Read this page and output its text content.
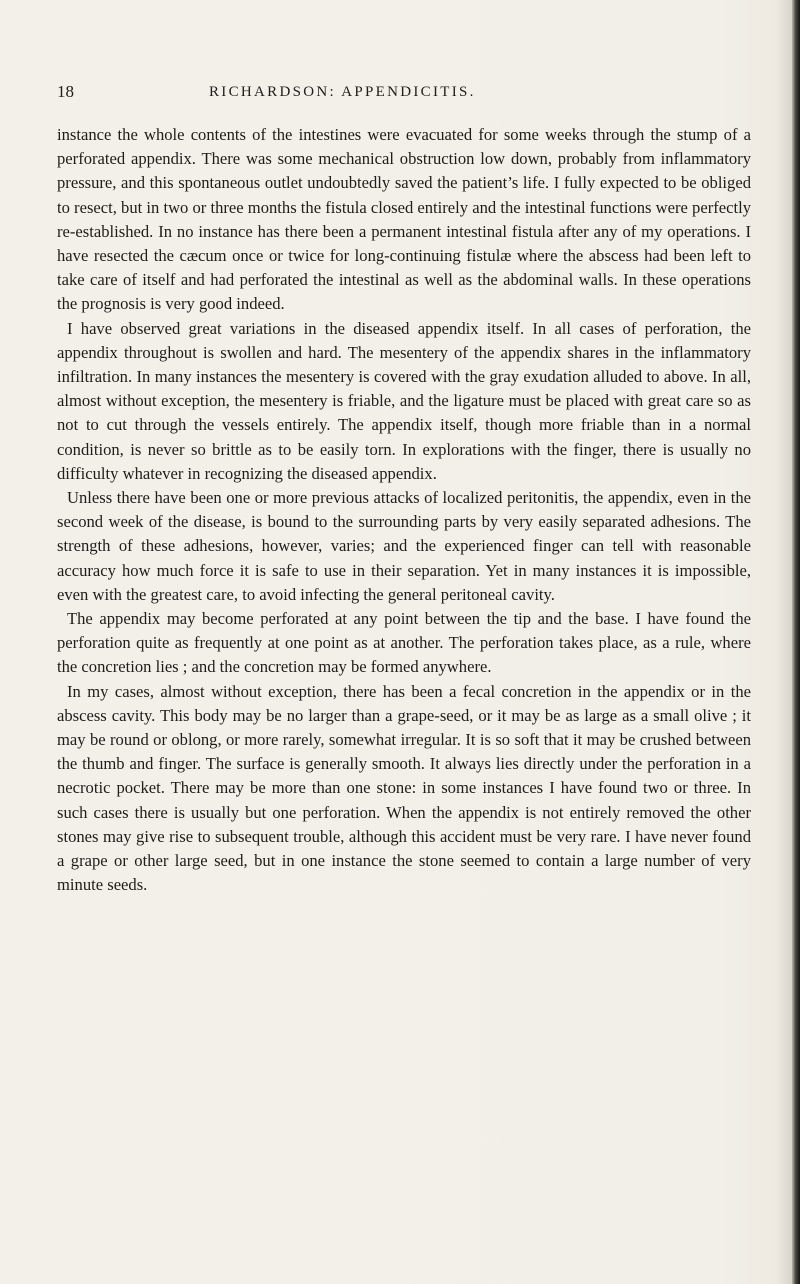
18	RICHARDSON: APPENDICITIS.

instance the whole contents of the intestines were evacuated for some weeks through the stump of a perforated appendix. There was some mechanical obstruction low down, probably from inflammatory pressure, and this spontaneous outlet undoubtedly saved the patient’s life. I fully expected to be obliged to resect, but in two or three months the fistula closed entirely and the intestinal functions were perfectly re-established. In no instance has there been a permanent intestinal fistula after any of my operations. I have resected the cæcum once or twice for long-continuing fistulæ where the abscess had been left to take care of itself and had perforated the intestinal as well as the abdominal walls. In these operations the prognosis is very good indeed.

I have observed great variations in the diseased appendix itself. In all cases of perforation, the appendix throughout is swollen and hard. The mesentery of the appendix shares in the inflammatory infiltration. In many instances the mesentery is covered with the gray exudation alluded to above. In all, almost without exception, the mesentery is friable, and the ligature must be placed with great care so as not to cut through the vessels entirely. The appendix itself, though more friable than in a normal condition, is never so brittle as to be easily torn. In explorations with the finger, there is usually no difficulty whatever in recognizing the diseased appendix.

Unless there have been one or more previous attacks of localized peritonitis, the appendix, even in the second week of the disease, is bound to the surrounding parts by very easily separated adhesions. The strength of these adhesions, however, varies; and the experienced finger can tell with reasonable accuracy how much force it is safe to use in their separation. Yet in many instances it is impossible, even with the greatest care, to avoid infecting the general peritoneal cavity.

The appendix may become perforated at any point between the tip and the base. I have found the perforation quite as frequently at one point as at another. The perforation takes place, as a rule, where the concretion lies ; and the concretion may be formed anywhere.

In my cases, almost without exception, there has been a fecal concretion in the appendix or in the abscess cavity. This body may be no larger than a grape-seed, or it may be as large as a small olive ; it may be round or oblong, or more rarely, somewhat irregular. It is so soft that it may be crushed between the thumb and finger. The surface is generally smooth. It always lies directly under the perforation in a necrotic pocket. There may be more than one stone: in some instances I have found two or three. In such cases there is usually but one perforation. When the appendix is not entirely removed the other stones may give rise to subsequent trouble, although this accident must be very rare. I have never found a grape or other large seed, but in one instance the stone seemed to contain a large number of very minute seeds.
